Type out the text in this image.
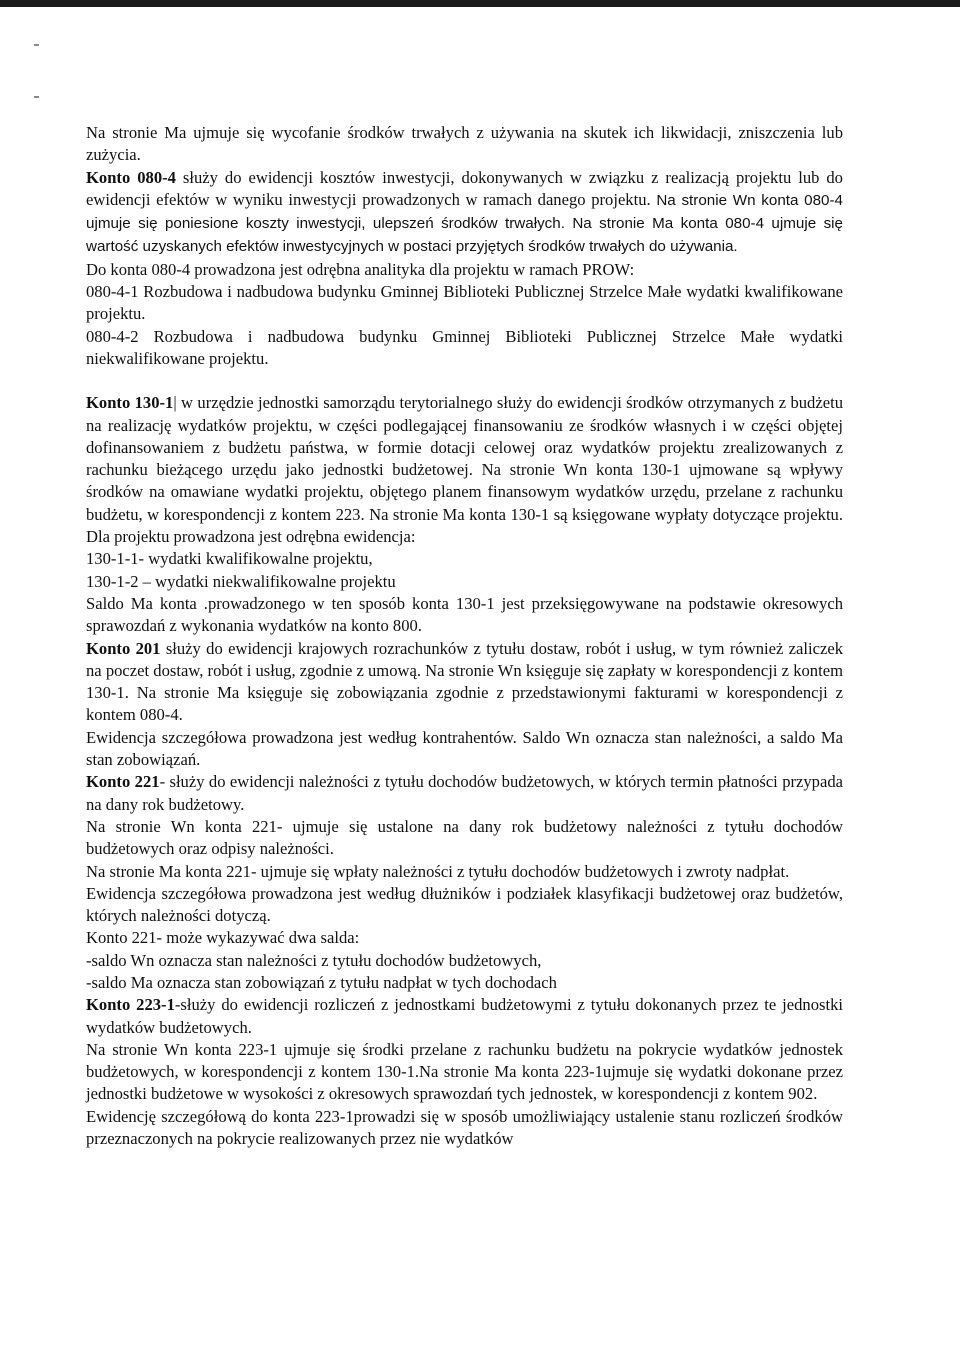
Na stronie Ma ujmuje się wycofanie środków trwałych z używania na skutek ich likwidacji, zniszczenia lub zużycia.

Konto 080-4 służy do ewidencji kosztów inwestycji, dokonywanych w związku z realizacją projektu lub do ewidencji efektów w wyniku inwestycji prowadzonych w ramach danego projektu. Na stronie Wn konta 080-4 ujmuje się poniesione koszty inwestycji, ulepszeń środków trwałych. Na stronie Ma konta 080-4 ujmuje się wartość uzyskanych efektów inwestycyjnych w postaci przyjętych środków trwałych do używania.

Do konta 080-4 prowadzona jest odrębna analityka dla projektu w ramach PROW:

080-4-1 Rozbudowa i nadbudowa budynku Gminnej Biblioteki Publicznej Strzelce Małe wydatki kwalifikowane projektu.

080-4-2 Rozbudowa i nadbudowa budynku Gminnej Biblioteki Publicznej Strzelce Małe wydatki niekwalifikowane projektu.

Konto 130-1| w urzędzie jednostki samorządu terytorialnego służy do ewidencji środków otrzymanych z budżetu na realizację wydatków projektu, w części podlegającej finansowaniu ze środków własnych i w części objętej dofinansowaniem z budżetu państwa, w formie dotacji celowej oraz wydatków projektu zrealizowanych z rachunku bieżącego urzędu jako jednostki budżetowej. Na stronie Wn konta 130-1 ujmowane są wpływy środków na omawiane wydatki projektu, objętego planem finansowym wydatków urzędu, przelane z rachunku budżetu, w korespondencji z kontem 223. Na stronie Ma konta 130-1 są księgowane wypłaty dotyczące projektu. Dla projektu prowadzona jest odrębna ewidencja:

130-1-1- wydatki kwalifikowalne projektu,

130-1-2 – wydatki niekwalifikowalne projektu

Saldo Ma konta .prowadzonego w ten sposób konta 130-1 jest przeksięgowywane na podstawie okresowych sprawozdań z wykonania wydatków na konto 800.

Konto 201 służy do ewidencji krajowych rozrachunków z tytułu dostaw, robót i usług, w tym również zaliczek na poczet dostaw, robót i usług, zgodnie z umową. Na stronie Wn księguje się zapłaty w korespondencji z kontem 130-1. Na stronie Ma księguje się zobowiązania zgodnie z przedstawionymi fakturami w korespondencji z kontem 080-4.

Ewidencja szczegółowa prowadzona jest według kontrahentów. Saldo Wn oznacza stan należności, a saldo Ma stan zobowiązań.

Konto 221- służy do ewidencji należności z tytułu dochodów budżetowych, w których termin płatności przypada na dany rok budżetowy.

Na stronie Wn konta 221- ujmuje się ustalone na dany rok budżetowy należności z tytułu dochodów budżetowych oraz odpisy należności.

Na stronie Ma konta 221- ujmuje się wpłaty należności z tytułu dochodów budżetowych i zwroty nadpłat.

Ewidencja szczegółowa prowadzona jest według dłużników i podziałek klasyfikacji budżetowej oraz budżetów, których należności dotyczą.

Konto 221- może wykazywać dwa salda:

-saldo Wn oznacza stan należności z tytułu dochodów budżetowych,

-saldo Ma oznacza stan zobowiązań z tytułu nadpłat w tych dochodach

Konto 223-1-służy do ewidencji rozliczeń z jednostkami budżetowymi z tytułu dokonanych przez te jednostki wydatków budżetowych.

Na stronie Wn konta 223-1 ujmuje się środki przelane z rachunku budżetu na pokrycie wydatków jednostek budżetowych, w korespondencji z kontem 130-1.Na stronie Ma konta 223-1ujmuje się wydatki dokonane przez jednostki budżetowe w wysokości z okresowych sprawozdań tych jednostek, w korespondencji z kontem 902.

Ewidencję szczegółową do konta 223-1prowadzi się w sposób umożliwiający ustalenie stanu rozliczeń środków przeznaczonych na pokrycie realizowanych przez nie wydatków
